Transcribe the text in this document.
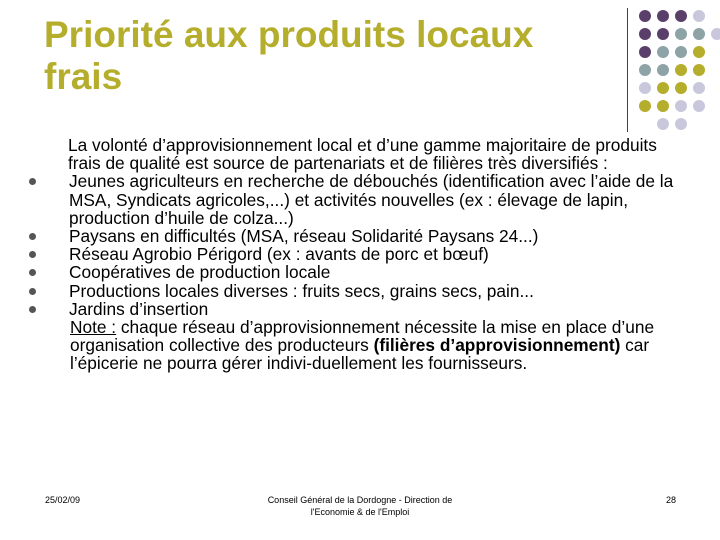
Priorité aux produits locaux
frais

La volonté d’approvisionnement local et d’une gamme majoritaire de produits frais de qualité est source de partenariats et de filières très diversifiés :

Jeunes agriculteurs en recherche de débouchés (identification avec l’aide de la MSA, Syndicats agricoles,...) et activités nouvelles (ex : élevage de lapin, production d’huile de colza...)
Paysans en difficultés (MSA, réseau Solidarité Paysans 24...)
Réseau Agrobio Périgord (ex : avants de porc et bœuf)
Coopératives de production locale
Productions locales diverses : fruits secs, grains secs, pain...
Jardins d’insertion

Note : chaque réseau d’approvisionnement nécessite la mise en place d’une organisation collective des producteurs (filières d’approvisionnement) car l’épicerie ne pourra gérer indivi-duellement les fournisseurs.

25/02/09	Conseil Général de la Dordogne - Direction de
l'Economie & de l'Emploi
28
